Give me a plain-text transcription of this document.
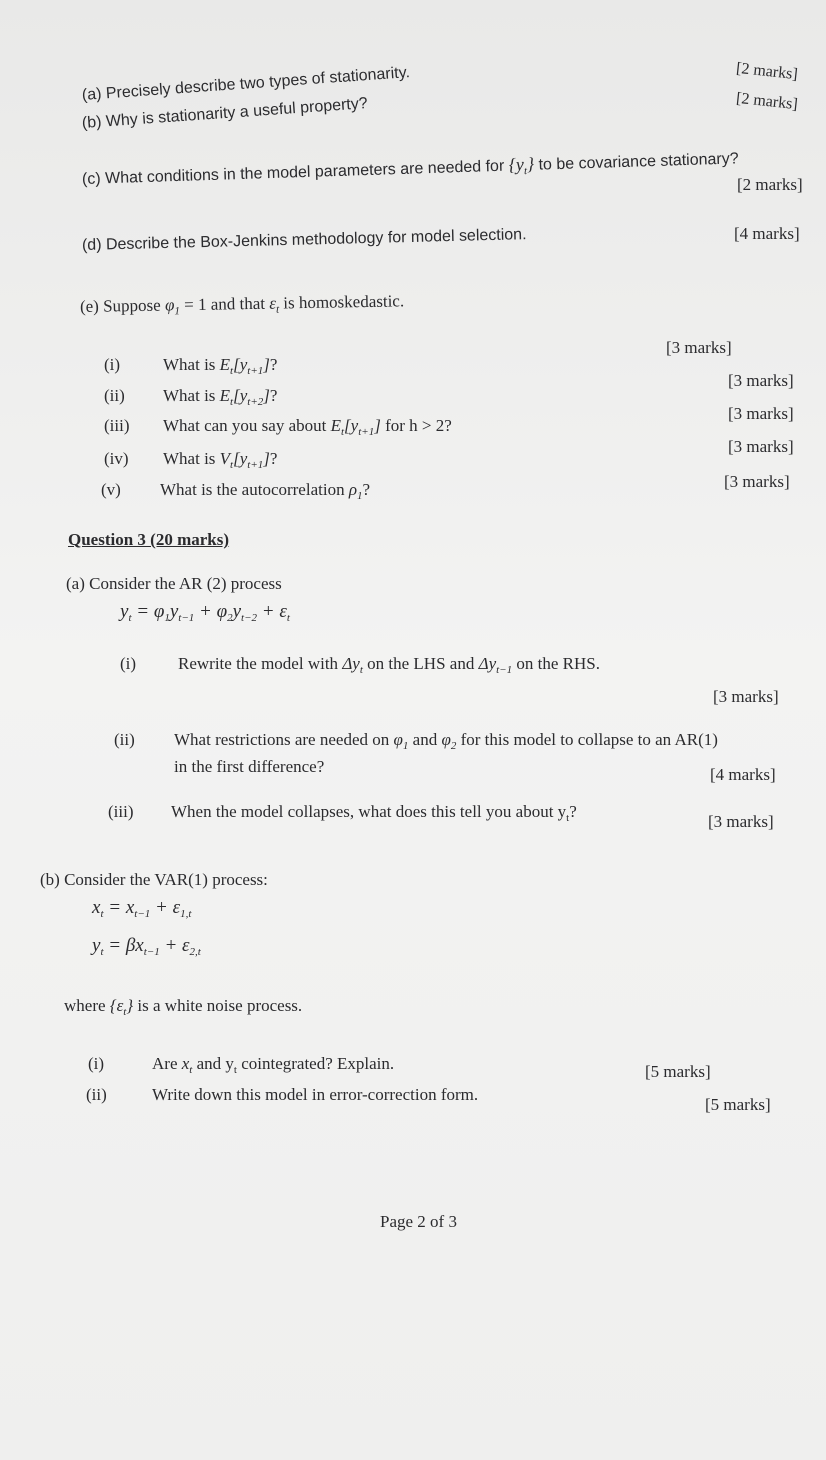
[2 marks]
[2 marks]
(a) Precisely describe two types of stationarity.
(b) Why is stationarity a useful property?
(c) What conditions in the model parameters are needed for $\{y_t\}$ to be covariance stationary?
[2 marks]
[4 marks]
(d) Describe the Box-Jenkins methodology for model selection.
(e) Suppose $\varphi_1 = 1$ and that $\varepsilon_t$ is homoskedastic.
[3 marks]
(i)	What is $E_t[y_{t+1}]$?
[3 marks]
(ii) What is $E_t[y_{t+2}]$?
[3 marks]
(iii) What can you say about $E_t[y_{t+1}]$ for h > 2?
[3 marks]
(iv) What is $V_t[y_{t+1}]$?
[3 marks]
(v) What is the autocorrelation $\rho_1$?
Question 3 (20 marks)
(a) Consider the AR (2) process
$y_t = \varphi_1y_{t-1} + \varphi_2y_{t-2} + \varepsilon_t$
(i) Rewrite the model with $\Delta y_t$ on the LHS and $\Delta y_{t-1}$ on the RHS.
[3 marks]
(ii) What restrictions are needed on $\varphi_1$ and $\varphi_2$ for this model to collapse to an AR(1)
in the first difference?	[4 marks]
(iii) When the model collapses, what does this tell you about $y_t$?
[3 marks]
(b) Consider the VAR(1) process:
$x_t = x_{t-1} + \varepsilon_{1,t}$
$y_t = \beta x_{t-1} + \varepsilon_{2,t}$
where $\{\varepsilon_t\}$ is a white noise process.
(i)	Are $x_t$ and $y_t$ cointegrated? Explain.	[5 marks]
(ii)	Write down this model in error-correction form.
[5 marks]
Page 2 of 3
